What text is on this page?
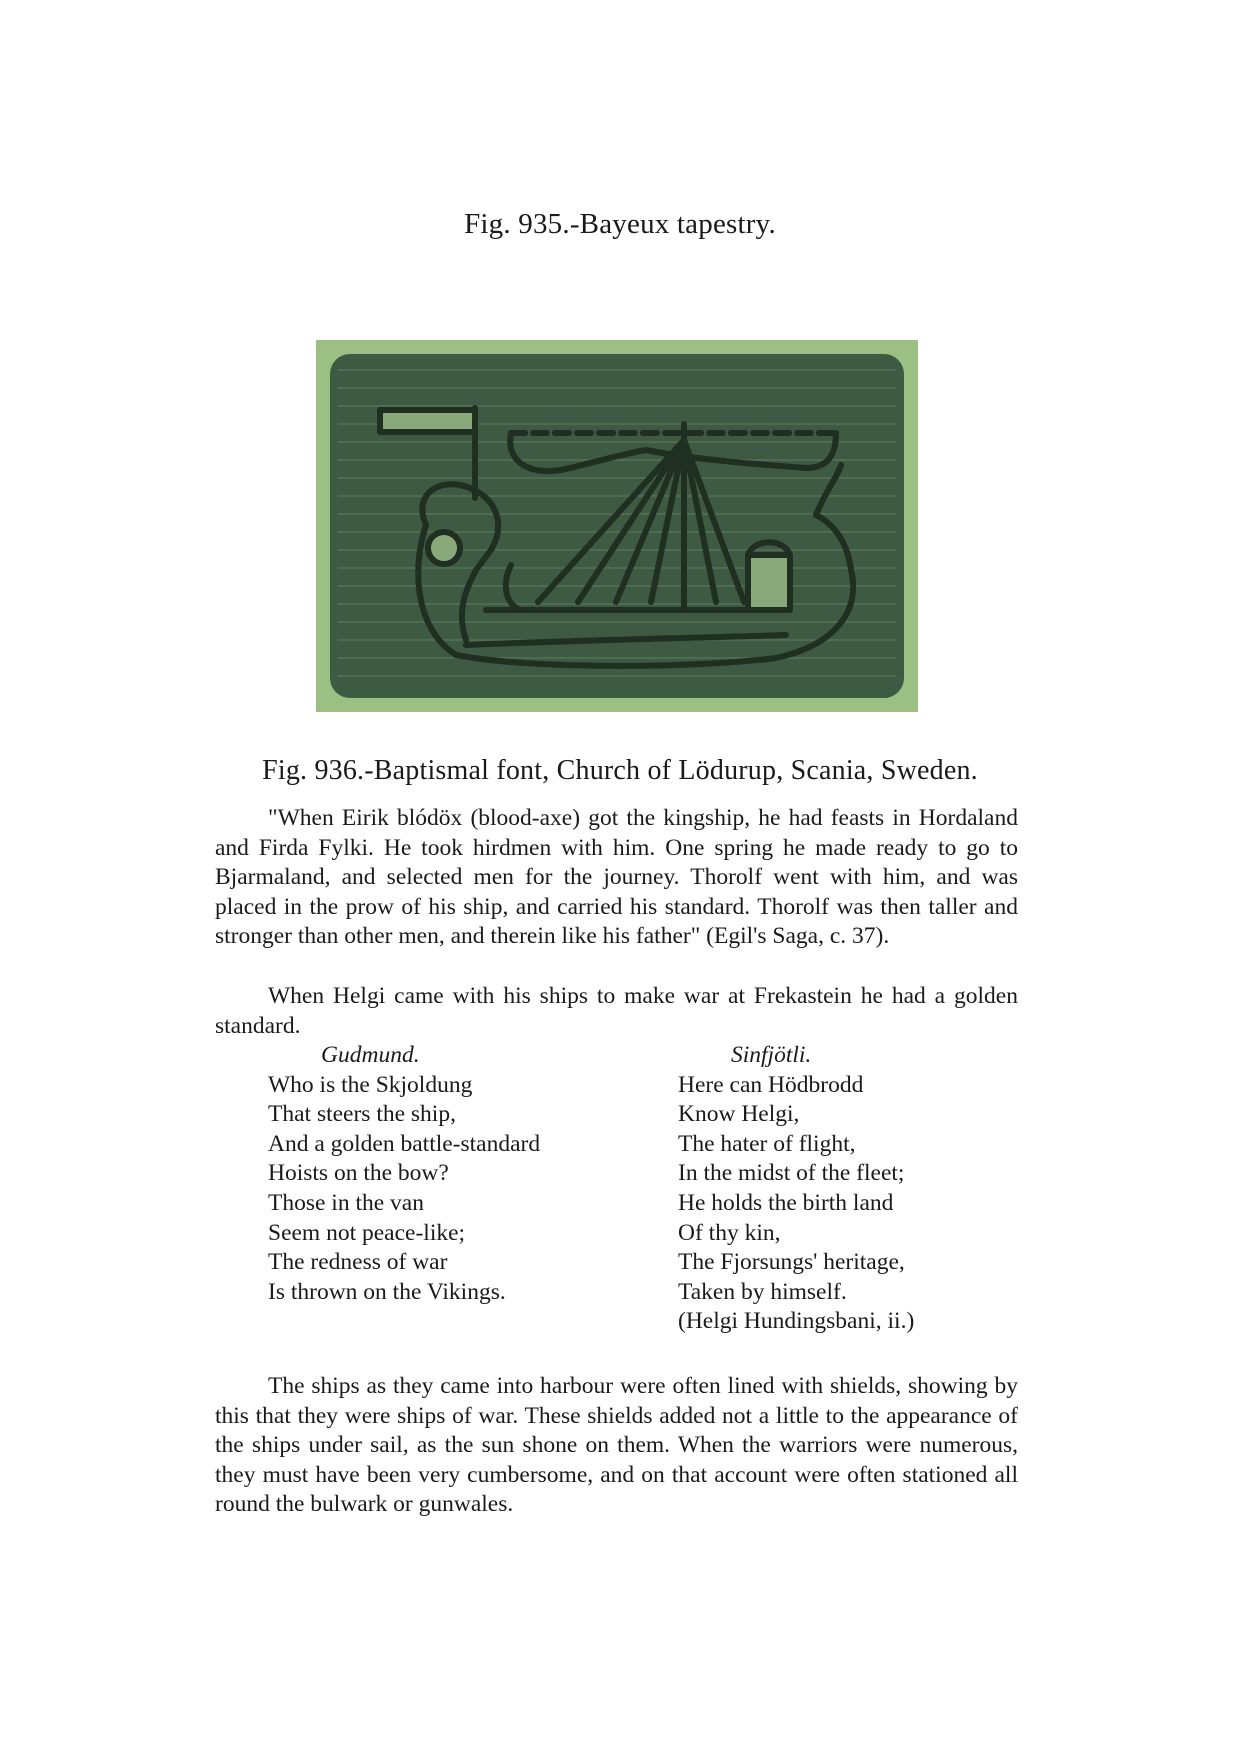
Fig. 935.-Bayeux tapestry.
Fig. 936.-Baptismal font, Church of Lödurup, Scania, Sweden.

"When Eirik blódöx (blood-axe) got the kingship, he had feasts in Hordaland and Firda Fylki. He took hirdmen with him. One spring he made ready to go to Bjarmaland, and selected men for the journey. Thorolf went with him, and was placed in the prow of his ship, and carried his standard. Thorolf was then taller and stronger than other men, and therein like his father" (Egil's Saga, c. 37).

When Helgi came with his ships to make war at Frekastein he had a golden standard.

Gudmund.
Who is the Skjoldung
That steers the ship,
And a golden battle-standard
Hoists on the bow?
Those in the van
Seem not peace-like;
The redness of war
Is thrown on the Vikings.
Sinfjötli.
Here can Hödbrodd
Know Helgi,
The hater of flight,
In the midst of the fleet;
He holds the birth land
Of thy kin,
The Fjorsungs' heritage,
Taken by himself.
(Helgi Hundingsbani, ii.)

The ships as they came into harbour were often lined with shields, showing by this that they were ships of war. These shields added not a little to the appearance of the ships under sail, as the sun shone on them. When the warriors were numerous, they must have been very cumbersome, and on that account were often stationed all round the bulwark or gunwales.
